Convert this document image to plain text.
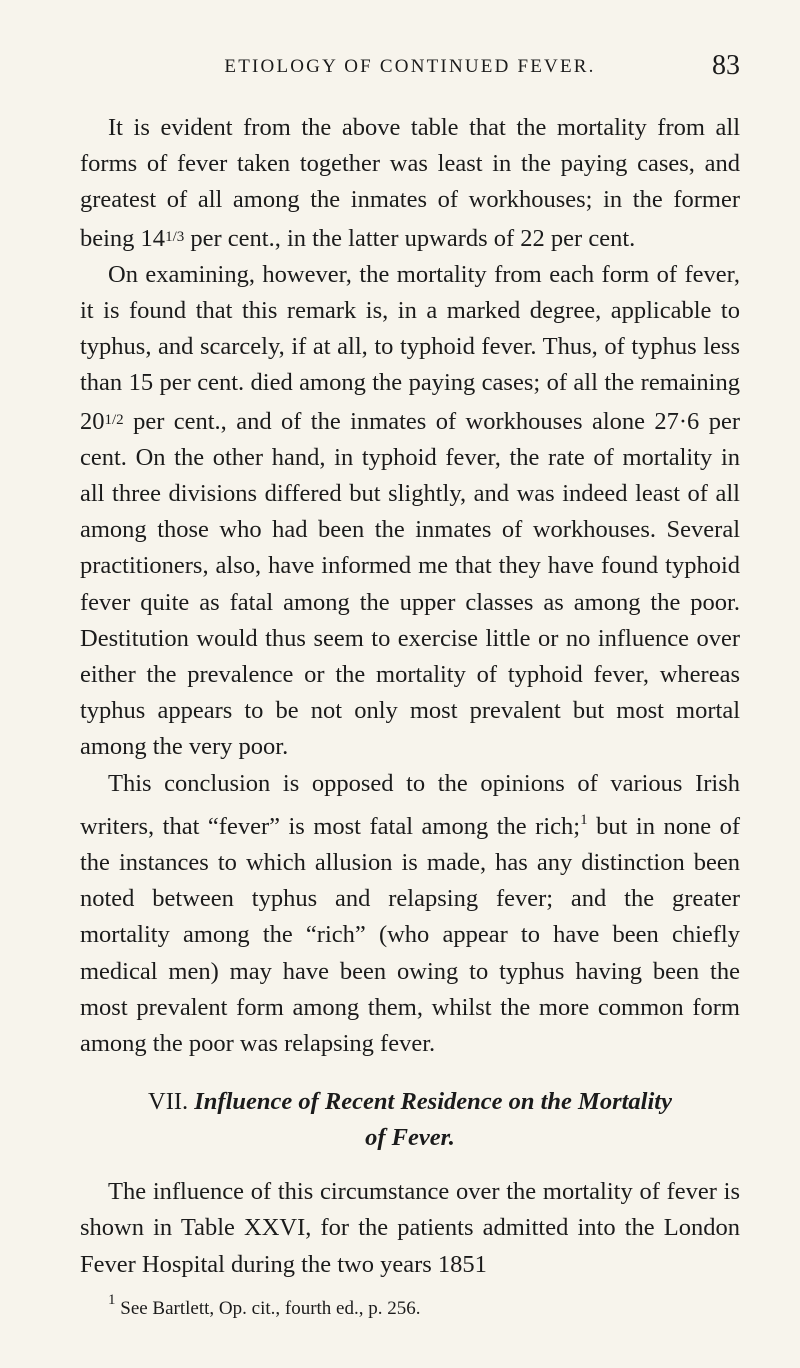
ETIOLOGY OF CONTINUED FEVER.	83

It is evident from the above table that the mortality from all forms of fever taken together was least in the paying cases, and greatest of all among the inmates of workhouses; in the former being $14^{1/3}$ per cent., in the latter upwards of 22 per cent.

On examining, however, the mortality from each form of fever, it is found that this remark is, in a marked degree, applicable to typhus, and scarcely, if at all, to typhoid fever. Thus, of typhus less than 15 per cent. died among the paying cases; of all the remaining $20^{1/2}$ per cent., and of the inmates of workhouses alone 27·6 per cent. On the other hand, in typhoid fever, the rate of mortality in all three divisions differed but slightly, and was indeed least of all among those who had been the inmates of workhouses. Several practitioners, also, have informed me that they have found typhoid fever quite as fatal among the upper classes as among the poor. Destitution would thus seem to exercise little or no influence over either the prevalence or the mortality of typhoid fever, whereas typhus appears to be not only most prevalent but most mortal among the very poor.

This conclusion is opposed to the opinions of various Irish writers, that “fever” is most fatal among the rich;$^1$ but in none of the instances to which allusion is made, has any distinction been noted between typhus and relapsing fever; and the greater mortality among the “rich” (who appear to have been chiefly medical men) may have been owing to typhus having been the most prevalent form among them, whilst the more common form among the poor was relapsing fever.

VII. Influence of Recent Residence on the Mortality
of Fever.

The influence of this circumstance over the mortality of fever is shown in Table XXVI, for the patients admitted into the London Fever Hospital during the two years 1851

$^1$ See Bartlett, Op. cit., fourth ed., p. 256.
